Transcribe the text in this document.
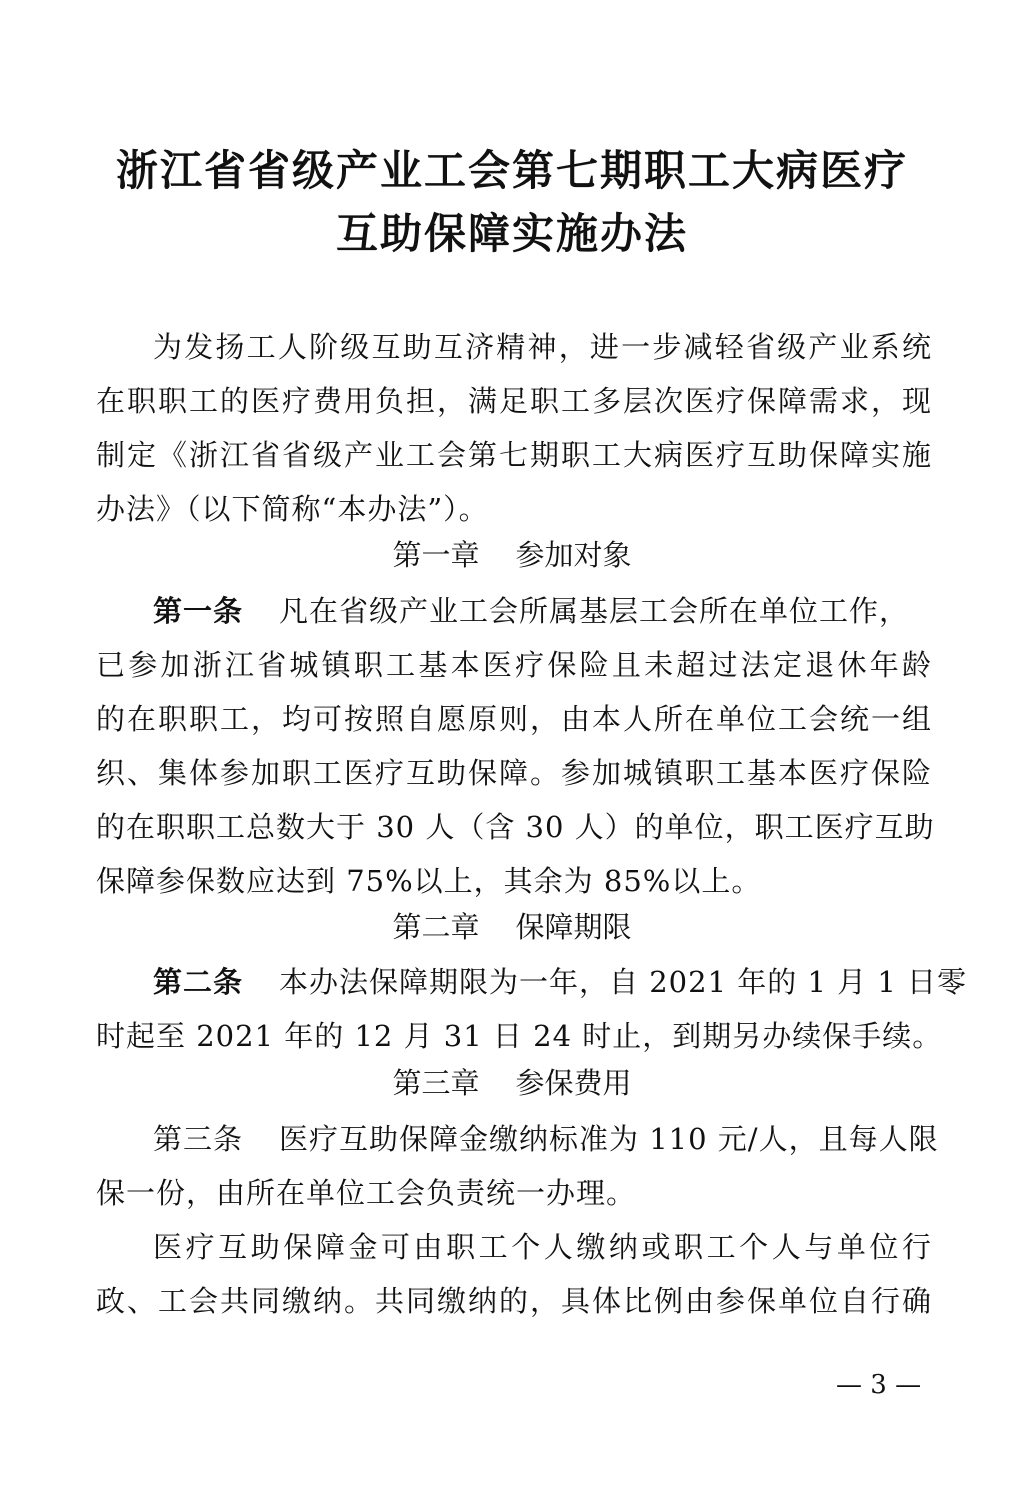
浙江省省级产业工会第七期职工大病医疗
互助保障实施办法
为发扬工人阶级互助互济精神，进一步减轻省级产业系统
在职职工的医疗费用负担，满足职工多层次医疗保障需求，现
制定《浙江省省级产业工会第七期职工大病医疗互助保障实施
办法》（以下简称“本办法”）。
第一章 参加对象
第一条 凡在省级产业工会所属基层工会所在单位工作，
已参加浙江省城镇职工基本医疗保险且未超过法定退休年龄
的在职职工，均可按照自愿原则，由本人所在单位工会统一组
织、集体参加职工医疗互助保障。参加城镇职工基本医疗保险
的在职职工总数大于 30 人（含 30 人）的单位，职工医疗互助
保障参保数应达到 75%以上，其余为 85%以上。
第二章 保障期限
第二条 本办法保障期限为一年，自 2021 年的 1 月 1 日零
时起至 2021 年的 12 月 31 日 24 时止，到期另办续保手续。
第三章 参保费用
第三条 医疗互助保障金缴纳标准为 110 元/人，且每人限
保一份，由所在单位工会负责统一办理。
医疗互助保障金可由职工个人缴纳或职工个人与单位行
政、工会共同缴纳。共同缴纳的，具体比例由参保单位自行确
— 3 —
